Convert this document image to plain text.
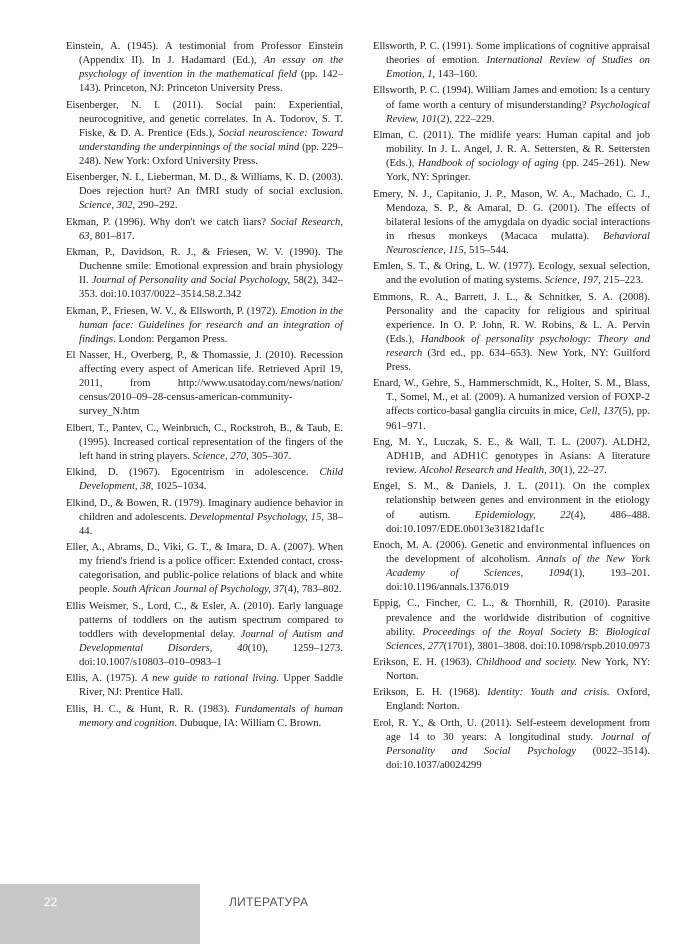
Einstein, A. (1945). A testimonial from Professor Einstein (Appendix II). In J. Hadamard (Ed.), An essay on the psychology of invention in the mathematical field (pp. 142–143). Princeton, NJ: Princeton University Press.

Eisenberger, N. I. (2011). Social pain: Experiential, neurocognitive, and genetic correlates. In A. Todorov, S. T. Fiske, & D. A. Prentice (Eds.), Social neuroscience: Toward understanding the underpinnings of the social mind (pp. 229–248). New York: Oxford University Press.

Eisenberger, N. I., Lieberman, M. D., & Williams, K. D. (2003). Does rejection hurt? An fMRI study of social exclusion. Science, 302, 290–292.

Ekman, P. (1996). Why don't we catch liars? Social Research, 63, 801–817.

Ekman, P., Davidson, R. J., & Friesen, W. V. (1990). The Duchenne smile: Emotional expression and brain physiology II. Journal of Personality and Social Psychology, 58(2), 342–353. doi:10.1037/0022–3514.58.2.342

Ekman, P., Friesen, W. V., & Ellsworth, P. (1972). Emotion in the human face: Guidelines for research and an integration of findings. London: Pergamon Press.

El Nasser, H., Overberg, P., & Thomassie, J. (2010). Recession affecting every aspect of American life. Retrieved April 19, 2011, from http://www.usatoday.com/news/nation/ census/2010–09–28-census-american-community-survey_N.htm

Elbert, T., Pantev, C., Weinbruch, C., Rockstroh, B., & Taub, E. (1995). Increased cortical representation of the fingers of the left hand in string players. Science, 270, 305–307.

Elkind, D. (1967). Egocentrism in adolescence. Child Development, 38, 1025–1034.

Elkind, D., & Bowen, R. (1979). Imaginary audience behavior in children and adolescents. Developmental Psychology, 15, 38–44.

Eller, A., Abrams, D., Viki, G. T., & Imara, D. A. (2007). When my friend's friend is a police officer: Extended contact, cross-categorisation, and public-police relations of black and white people. South African Journal of Psychology, 37(4), 783–802.

Ellis Weismer, S., Lord, C., & Esler, A. (2010). Early language patterns of toddlers on the autism spectrum compared to toddlers with developmental delay. Journal of Autism and Developmental Disorders, 40(10), 1259–1273. doi:10.1007/s10803–010–0983–1

Ellis, A. (1975). A new guide to rational living. Upper Saddle River, NJ: Prentice Hall.

Ellis, H. C., & Hunt, R. R. (1983). Fundamentals of human memory and cognition. Dubuque, IA: William C. Brown.

Ellsworth, P. C. (1991). Some implications of cognitive appraisal theories of emotion. International Review of Studies on Emotion, 1, 143–160.

Ellsworth, P. C. (1994). William James and emotion: Is a century of fame worth a century of misunderstanding? Psychological Review, 101(2), 222–229.

Elman, C. (2011). The midlife years: Human capital and job mobility. In J. L. Angel, J. R. A. Settersten, & R. Settersten (Eds.), Handbook of sociology of aging (pp. 245–261). New York, NY: Springer.

Emery, N. J., Capitanio, J. P., Mason, W. A., Machado, C. J., Mendoza, S. P., & Amaral, D. G. (2001). The effects of bilateral lesions of the amygdala on dyadic social interactions in rhesus monkeys (Macaca mulatta). Behavioral Neuroscience, 115, 515–544.

Emlen, S. T., & Oring, L. W. (1977). Ecology, sexual selection, and the evolution of mating systems. Science, 197, 215–223.

Emmons, R. A., Barrett, J. L., & Schnitker, S. A. (2008). Personality and the capacity for religious and spiritual experience. In O. P. John, R. W. Robins, & L. A. Pervin (Eds.), Handbook of personality psychology: Theory and research (3rd ed., pp. 634–653). New York, NY: Guilford Press.

Enard, W., Gehre, S., Hammerschmidt, K., Holter, S. M., Blass, T., Somel, M., et al. (2009). A humanized version of FOXP-2 affects cortico-basal ganglia circuits in mice, Cell, 137(5), pp. 961–971.

Eng, M. Y., Luczak, S. E., & Wall, T. L. (2007). ALDH2, ADH1B, and ADH1C genotypes in Asians: A literature review. Alcohol Research and Health, 30(1), 22–27.

Engel, S. M., & Daniels, J. L. (2011). On the complex relationship between genes and environment in the etiology of autism. Epidemiology, 22(4), 486–488. doi:10.1097/EDE.0b013e31821daf1c

Enoch, M. A. (2006). Genetic and environmental influences on the development of alcoholism. Annals of the New York Academy of Sciences, 1094(1), 193–201. doi:10.1196/annals.1376.019

Eppig, C., Fincher, C. L., & Thornhill, R. (2010). Parasite prevalence and the worldwide distribution of cognitive ability. Proceedings of the Royal Society B: Biological Sciences, 277(1701), 3801–3808. doi:10.1098/rspb.2010.0973

Erikson, E. H. (1963). Childhood and society. New York, NY: Norton.

Erikson, E. H. (1968). Identity: Youth and crisis. Oxford, England: Norton.

Erol, R. Y., & Orth, U. (2011). Self-esteem development from age 14 to 30 years: A longitudinal study. Journal of Personality and Social Psychology (0022–3514). doi:10.1037/a0024299

22	ЛИТЕРАТУРА
